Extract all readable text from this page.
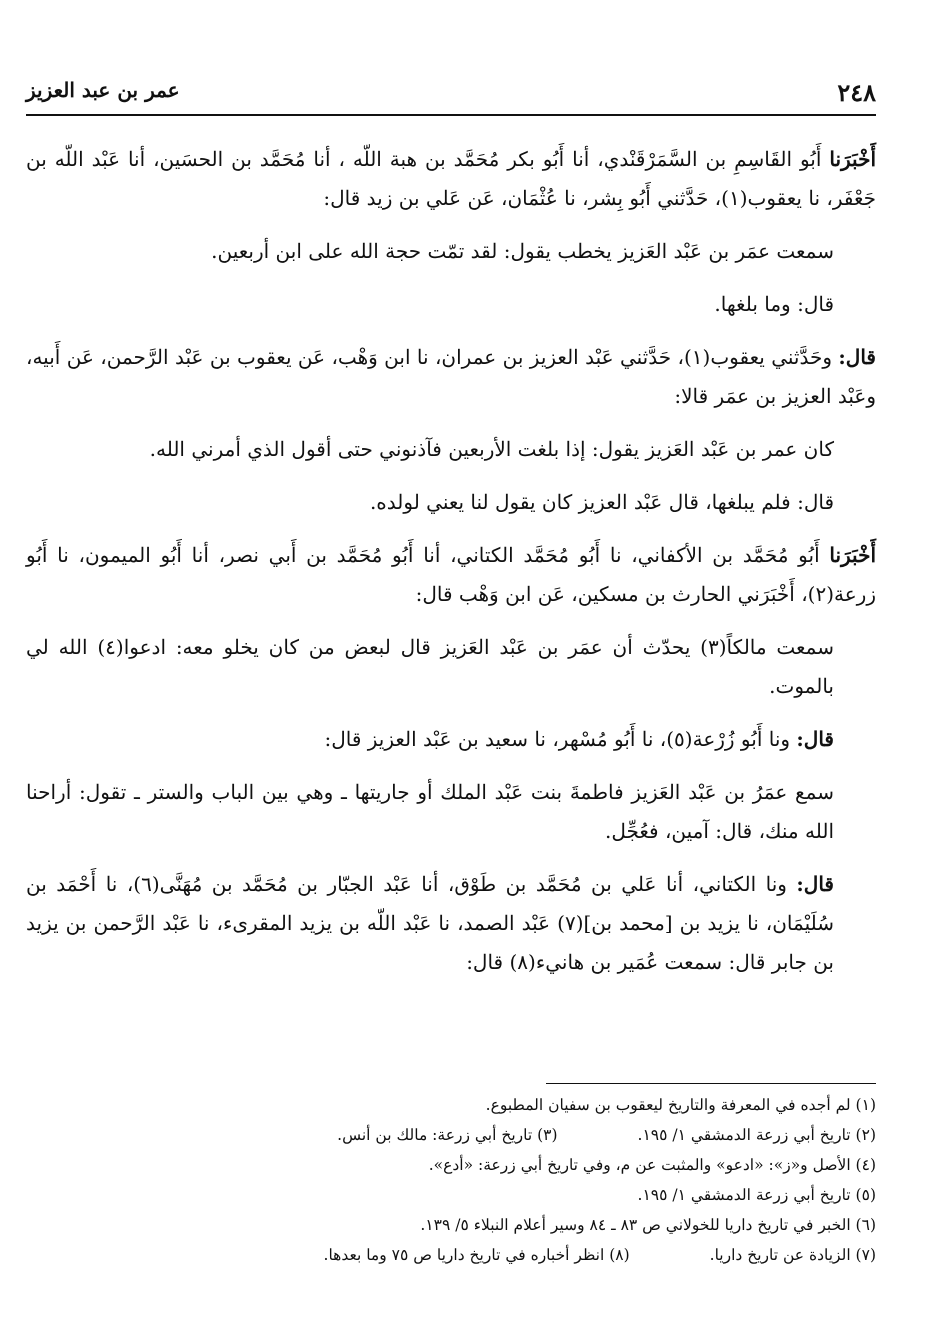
٢٤٨
عمر بن عبد العزيز

أَخْبَرَنا أَبُو القَاسِمِ بن السَّمَرْقَنْدي، أنا أَبُو بكر مُحَمَّد بن هبة اللّه ، أنا مُحَمَّد بن الحسَين، أنا عَبْد اللّه بن جَعْفَر، نا يعقوب(١)، حَدَّثني أَبُو بِشر، نا عُثْمَان، عَن عَلي بن زيد قال:

سمعت عمَر بن عَبْد العَزيز يخطب يقول: لقد تمّت حجة الله على ابن أربعين.

قال: وما بلغها.

قال: وحَدَّثني يعقوب(١)، حَدَّثني عَبْد العزيز بن عمران، نا ابن وَهْب، عَن يعقوب بن عَبْد الرَّحمن، عَن أَبيه، وعَبْد العزيز بن عمَر قالا:

كان عمر بن عَبْد العَزيز يقول: إذا بلغت الأربعين فآذنوني حتى أقول الذي أمرني الله.

قال: فلم يبلغها، قال عَبْد العزيز كان يقول لنا يعني لولده.

أَخْبَرَنا أَبُو مُحَمَّد بن الأكفاني، نا أَبُو مُحَمَّد الكتاني، أنا أَبُو مُحَمَّد بن أَبي نصر، أنا أَبُو الميمون، نا أَبُو زرعة(٢)، أَخْبَرَني الحارث بن مسكين، عَن ابن وَهْب قال:

سمعت مالكاً(٣) يحدّث أن عمَر بن عَبْد العَزيز قال لبعض من كان يخلو معه: ادعوا(٤) الله لي بالموت.

قال: ونا أَبُو زُرْعة(٥)، نا أَبُو مُسْهر، نا سعيد بن عَبْد العزيز قال:

سمع عمَرُ بن عَبْد العَزيز فاطمةَ بنت عَبْد الملك أو جاريتها ـ وهي بين الباب والستر ـ تقول: أراحنا الله منك، قال: آمين، فعُجِّل.

قال: ونا الكتاني، أنا عَلي بن مُحَمَّد بن طَوْق، أنا عَبْد الجبّار بن مُحَمَّد بن مُهَنَّى(٦)، نا أَحْمَد بن سُلَيْمَان، نا يزيد بن [محمد بن](٧) عَبْد الصمد، نا عَبْد اللّه بن يزيد المقرىء، نا عَبْد الرَّحمن بن يزيد بن جابر قال: سمعت عُمَير بن هانيء(٨) قال:

(١) لم أجده في المعرفة والتاريخ ليعقوب بن سفيان المطبوع.
(٢) تاريخ أبي زرعة الدمشقي ١/ ١٩٥.(٣) تاريخ أبي زرعة: مالك بن أنس.
(٤) الأصل و«ز»: «ادعو» والمثبت عن م، وفي تاريخ أبي زرعة: «أدع».
(٥) تاريخ أبي زرعة الدمشقي ١/ ١٩٥.
(٦) الخبر في تاريخ داريا للخولاني ص ٨٣ ـ ٨٤ وسير أعلام النبلاء ٥/ ١٣٩.
(٧) الزيادة عن تاريخ داريا.(٨) انظر أخباره في تاريخ داريا ص ٧٥ وما بعدها.
